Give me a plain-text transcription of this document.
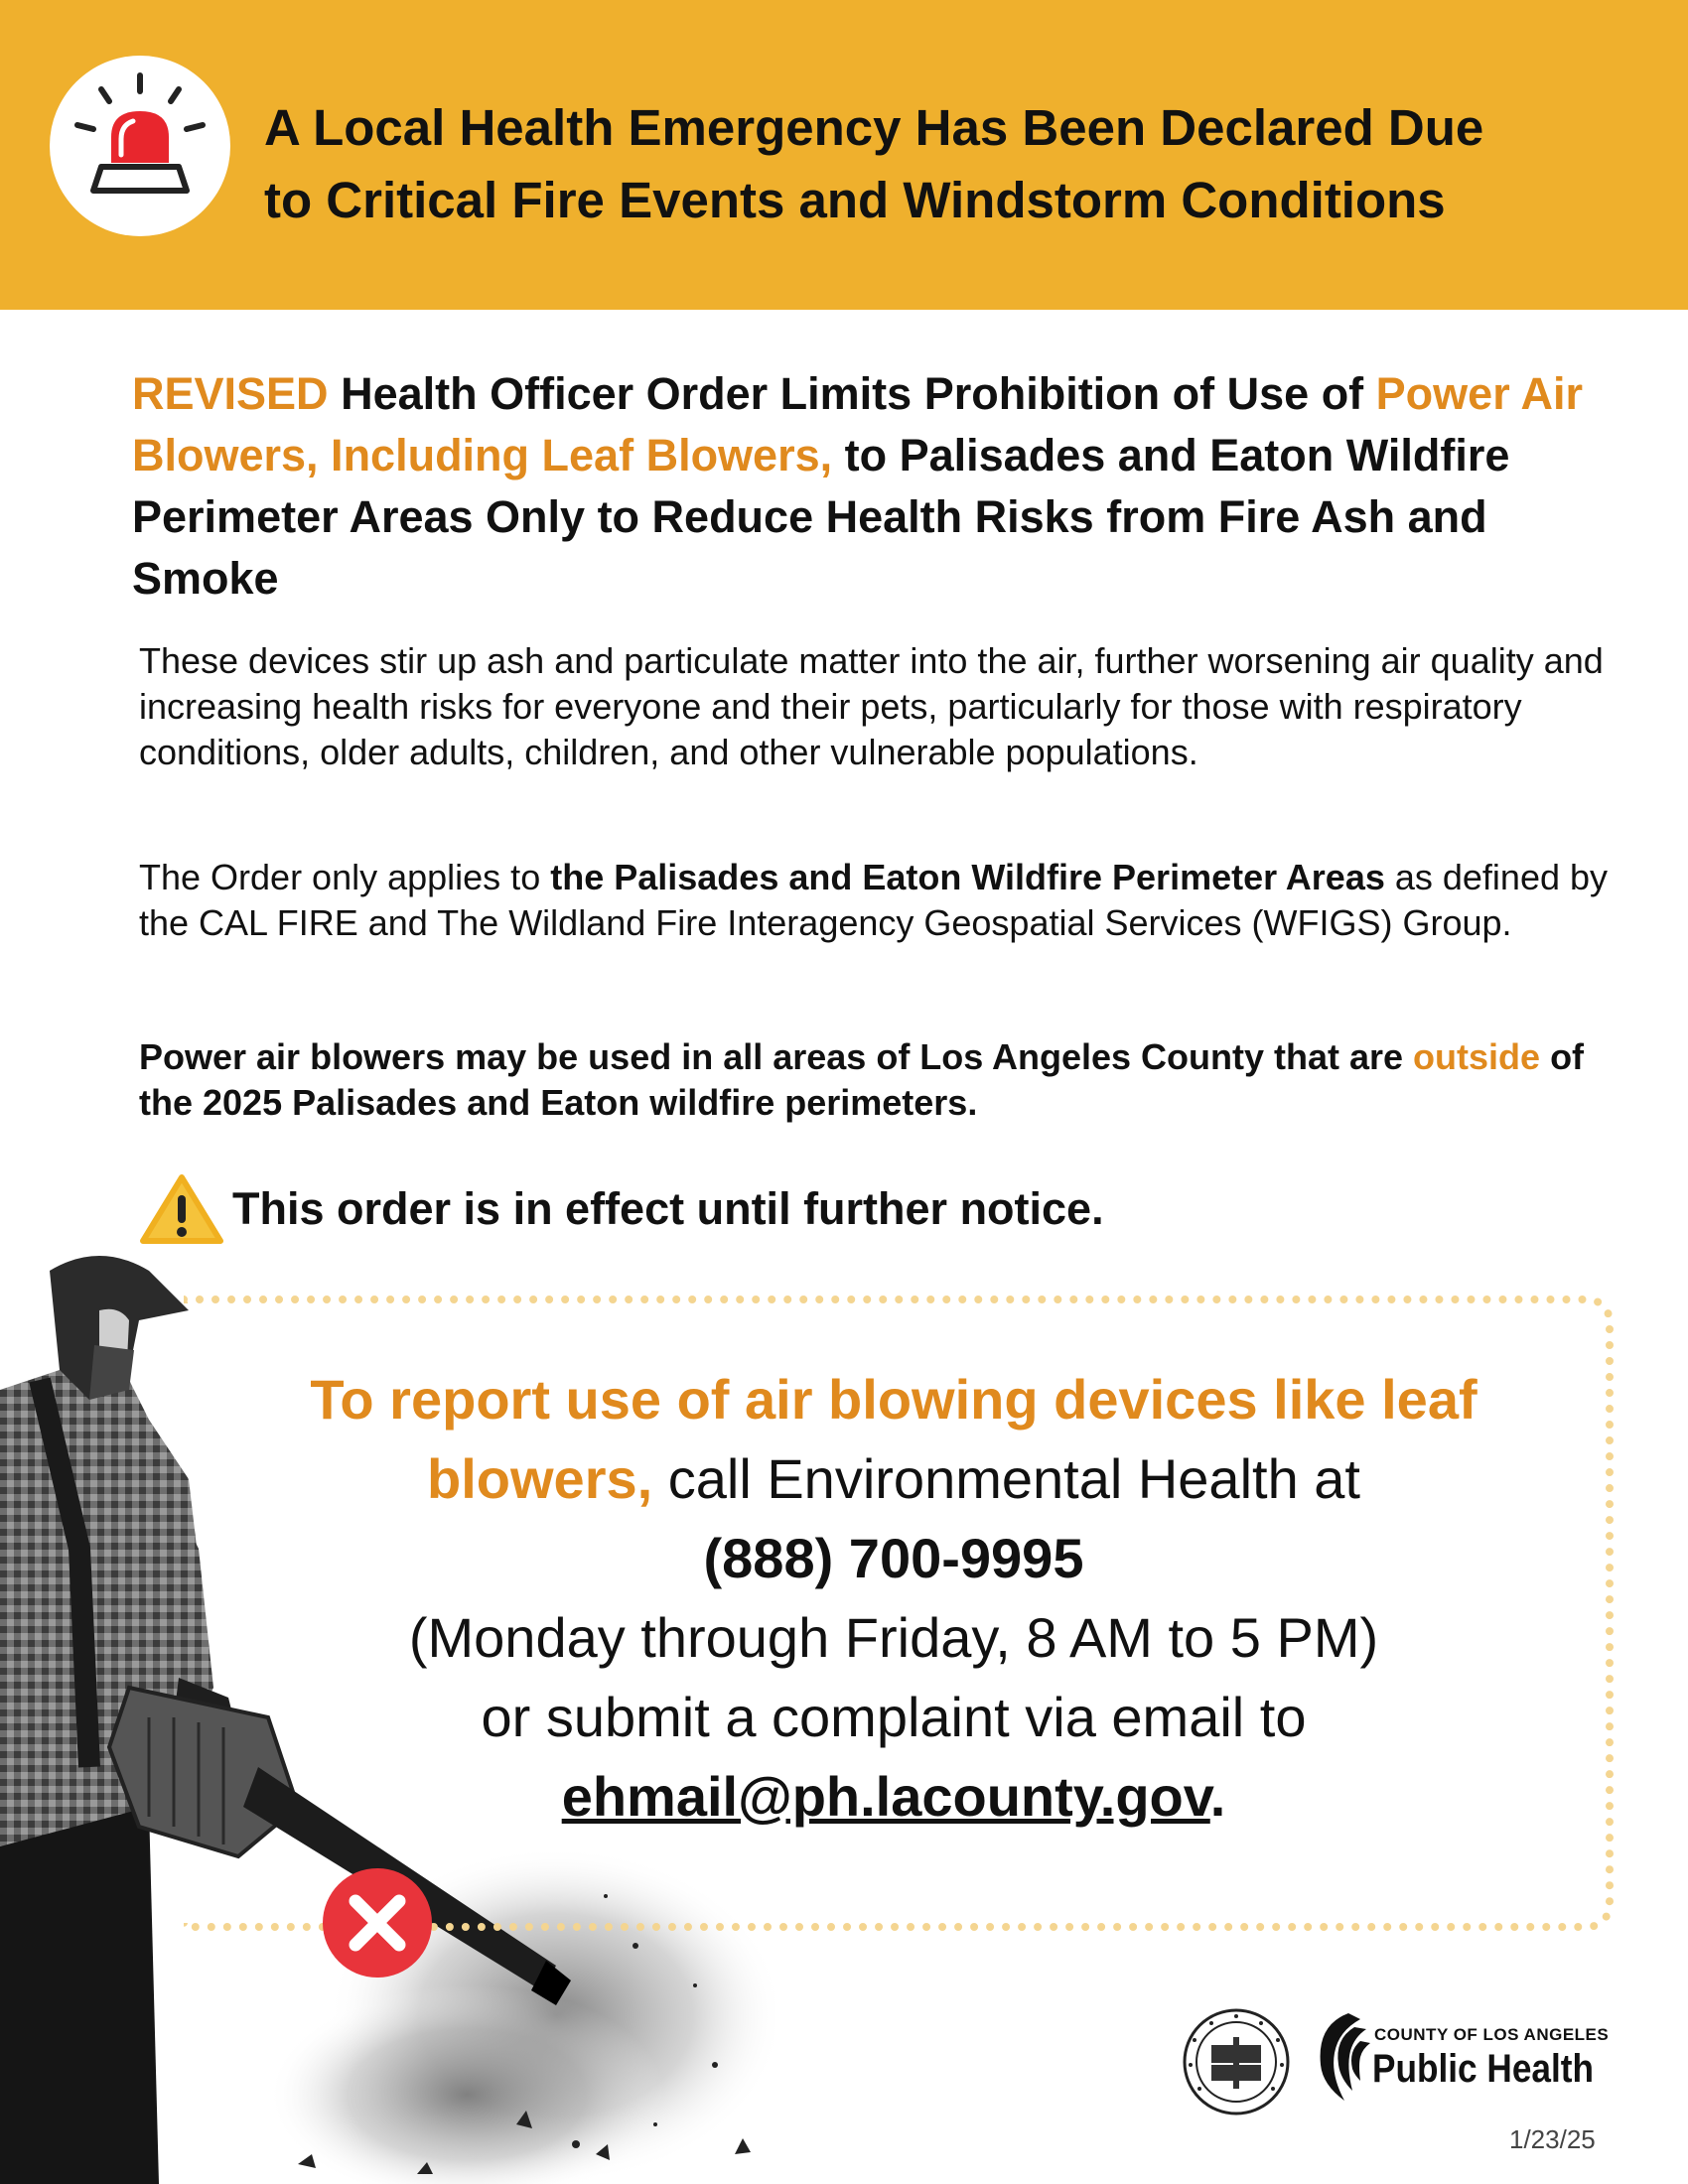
A Local Health Emergency Has Been Declared Due
to Critical Fire Events and Windstorm Conditions
REVISED Health Officer Order Limits Prohibition of Use of Power Air Blowers, Including Leaf Blowers, to Palisades and Eaton Wildfire Perimeter Areas Only to Reduce Health Risks from Fire Ash and Smoke
These devices stir up ash and particulate matter into the air, further worsening air quality and increasing health risks for everyone and their pets, particularly for those with respiratory conditions, older adults, children, and other vulnerable populations.
The Order only applies to the Palisades and Eaton Wildfire Perimeter Areas as defined by the CAL FIRE and The Wildland Fire Interagency Geospatial Services (WFIGS) Group.
Power air blowers may be used in all areas of Los Angeles County that are outside of the 2025 Palisades and Eaton wildfire perimeters.
This order is in effect until further notice.
To report use of air blowing devices like leaf blowers, call Environmental Health at
(888) 700-9995
(Monday through Friday, 8 AM to 5 PM)
or submit a complaint via email to
ehmail@ph.lacounty.gov.
COUNTY OF LOS ANGELES
Public Health
1/23/25
